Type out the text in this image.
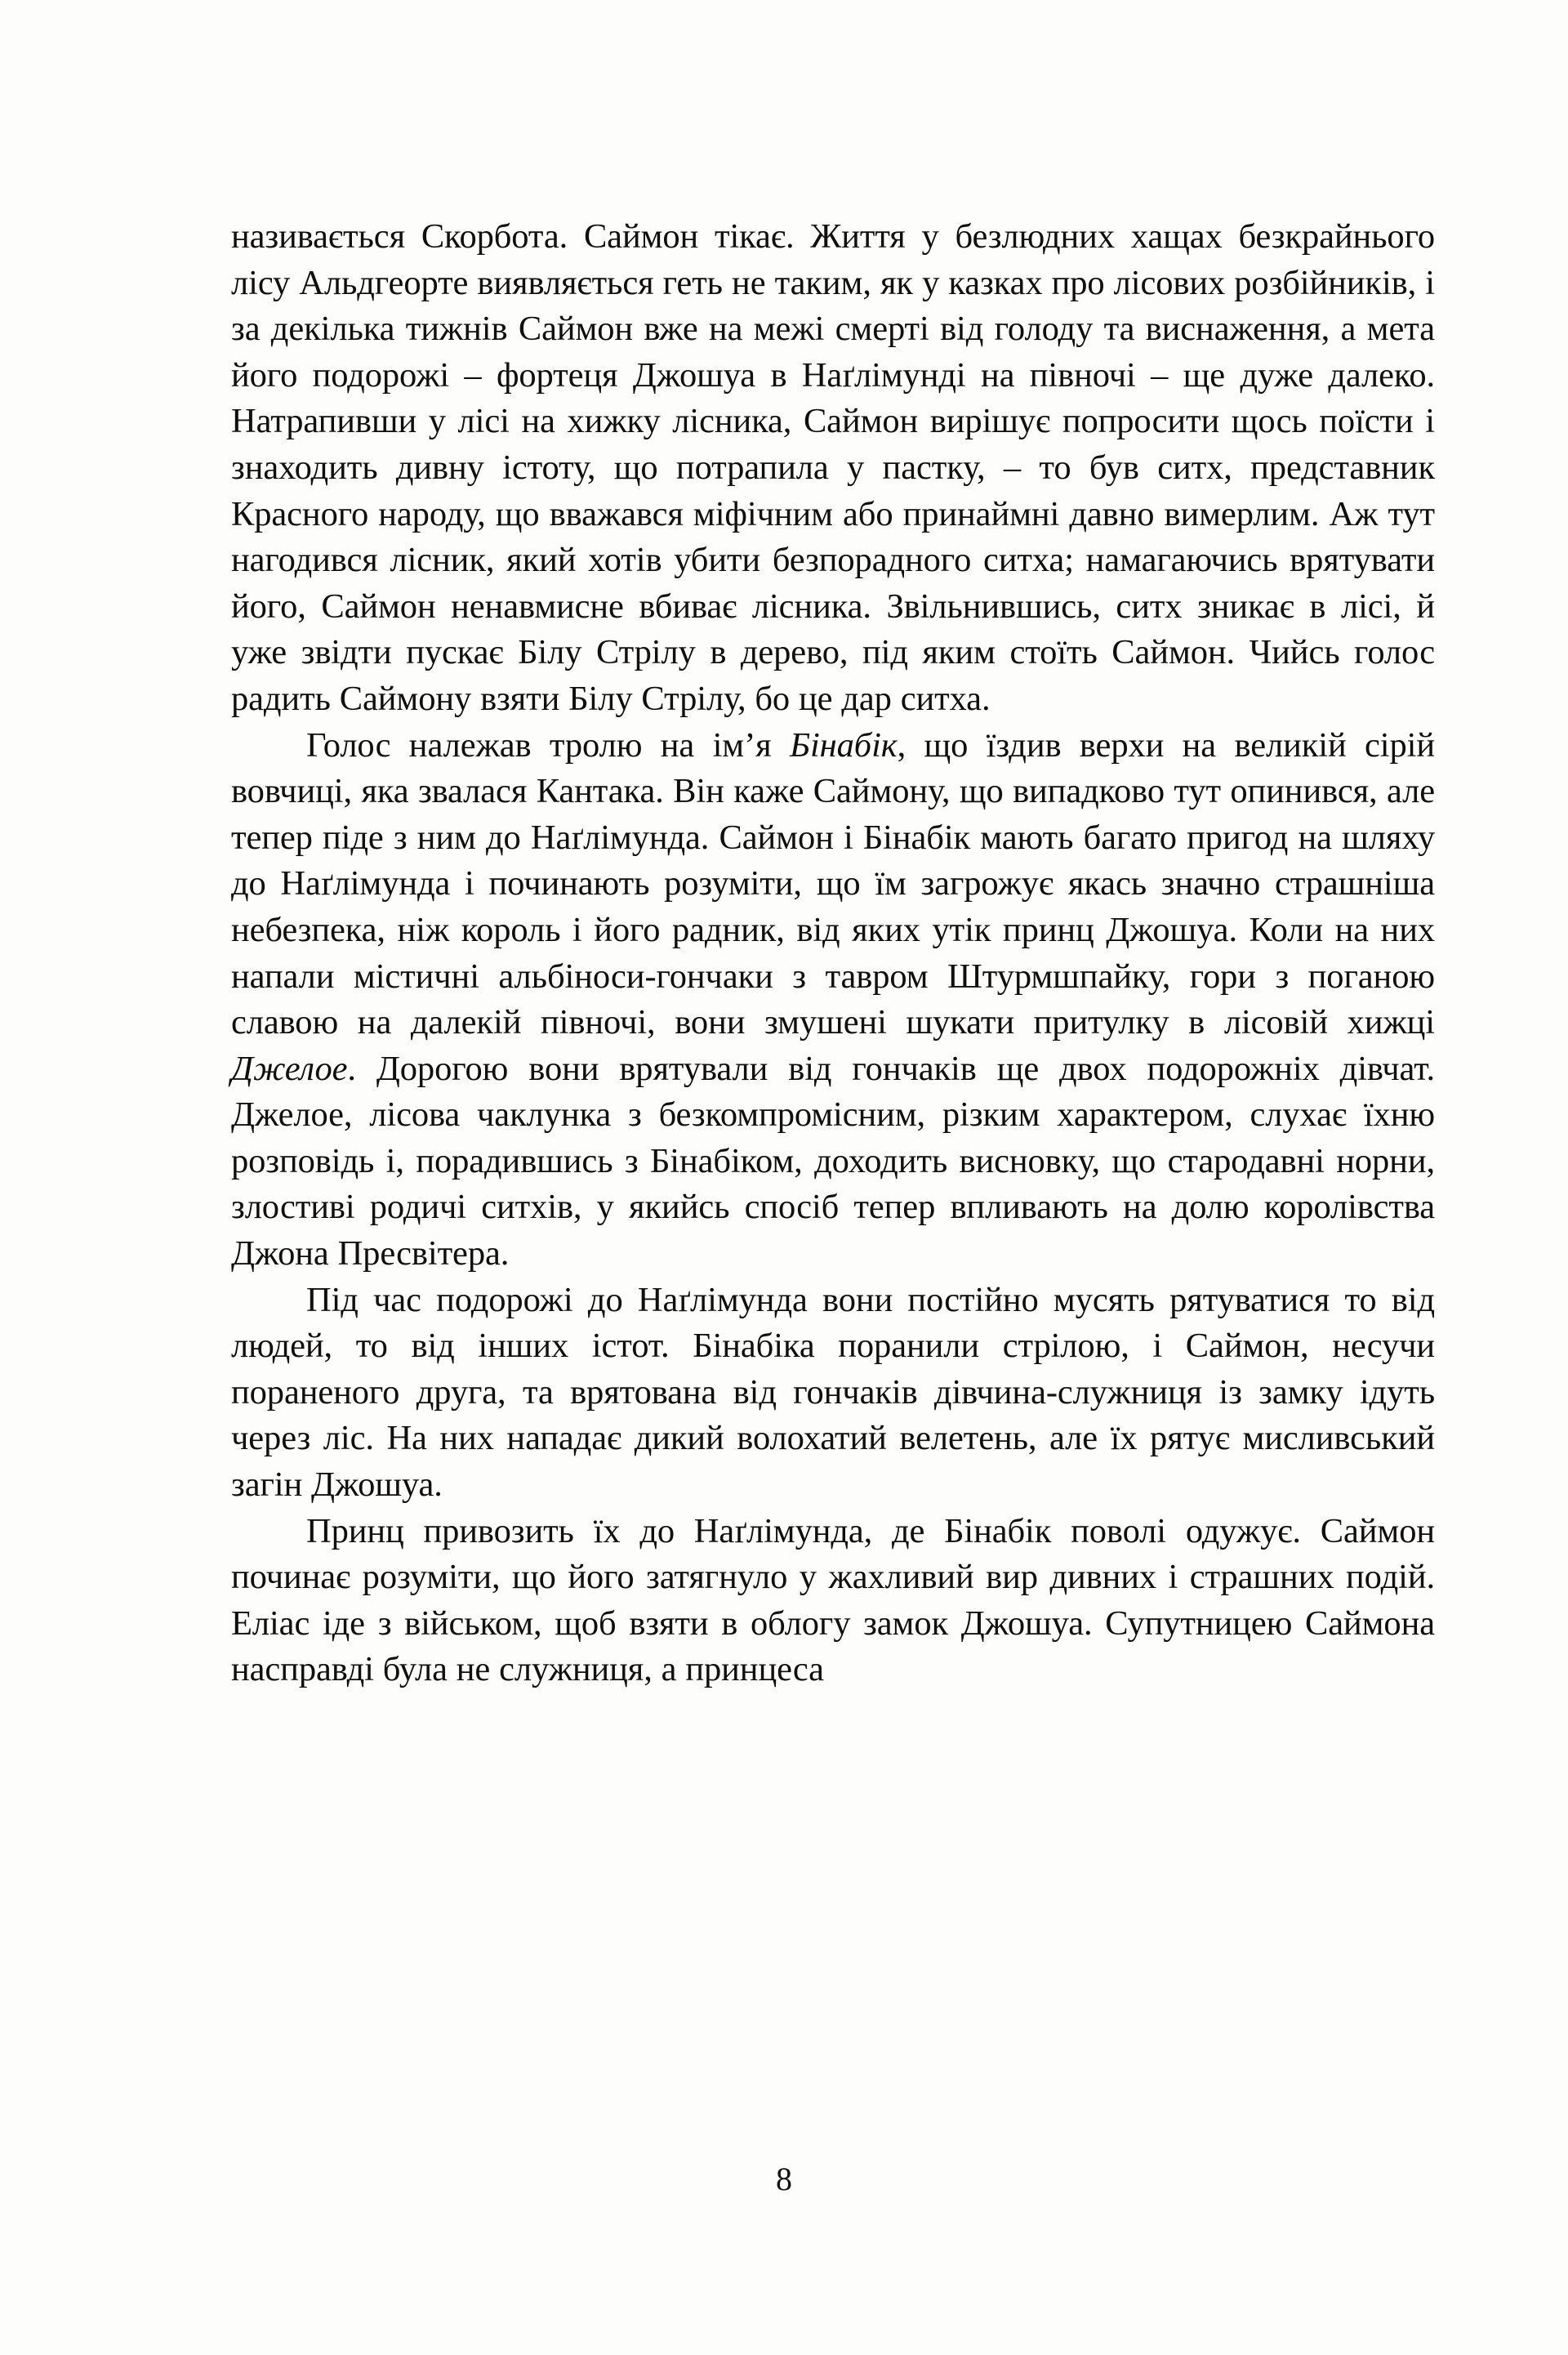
називається Скорбота. Саймон тікає. Життя у безлюдних хащах безкрайнього лісу Альдгеорте виявляється геть не таким, як у казках про лісових розбійників, і за декілька тижнів Саймон вже на межі смерті від голоду та виснаження, а мета його подорожі – фортеця Джошуа в Наґлімунді на півночі – ще дуже далеко. Натрапивши у лісі на хижку лісника, Саймон вирішує попросити щось поїсти і знаходить дивну істоту, що потрапила у пастку, – то був ситх, представник Красного народу, що вважався міфічним або принаймні давно вимерлим. Аж тут нагодився лісник, який хотів убити безпорадного ситха; намагаючись врятувати його, Саймон ненавмисне вбиває лісника. Звільнившись, ситх зникає в лісі, й уже звідти пускає Білу Стрілу в дерево, під яким стоїть Саймон. Чийсь голос радить Саймону взяти Білу Стрілу, бо це дар ситха.

Голос належав тролю на ім’я Бінабік, що їздив верхи на великій сірій вовчиці, яка звалася Кантака. Він каже Саймону, що випадково тут опинився, але тепер піде з ним до Наґлімунда. Саймон і Бінабік мають багато пригод на шляху до Наґлімунда і починають розуміти, що їм загрожує якась значно страшніша небезпека, ніж король і його радник, від яких утік принц Джошуа. Коли на них напали містичні альбіноси-гончаки з тавром Штурмшпайку, гори з поганою славою на далекій півночі, вони змушені шукати притулку в лісовій хижці Джелое. Дорогою вони врятували від гончаків ще двох подорожніх дівчат. Джелое, лісова чаклунка з безкомпромісним, різким характером, слухає їхню розповідь і, порадившись з Бінабіком, доходить висновку, що стародавні норни, злостиві родичі ситхів, у якийсь спосіб тепер впливають на долю королівства Джона Пресвітера.

Під час подорожі до Наґлімунда вони постійно мусять рятуватися то від людей, то від інших істот. Бінабіка поранили стрілою, і Саймон, несучи пораненого друга, та врятована від гончаків дівчина-служниця із замку ідуть через ліс. На них нападає дикий волохатий велетень, але їх рятує мисливський загін Джошуа.

Принц привозить їх до Наґлімунда, де Бінабік поволі одужує. Саймон починає розуміти, що його затягнуло у жахливий вир дивних і страшних подій. Еліас іде з військом, щоб взяти в облогу замок Джошуа. Супутницею Саймона насправді була не служниця, а принцеса

8
